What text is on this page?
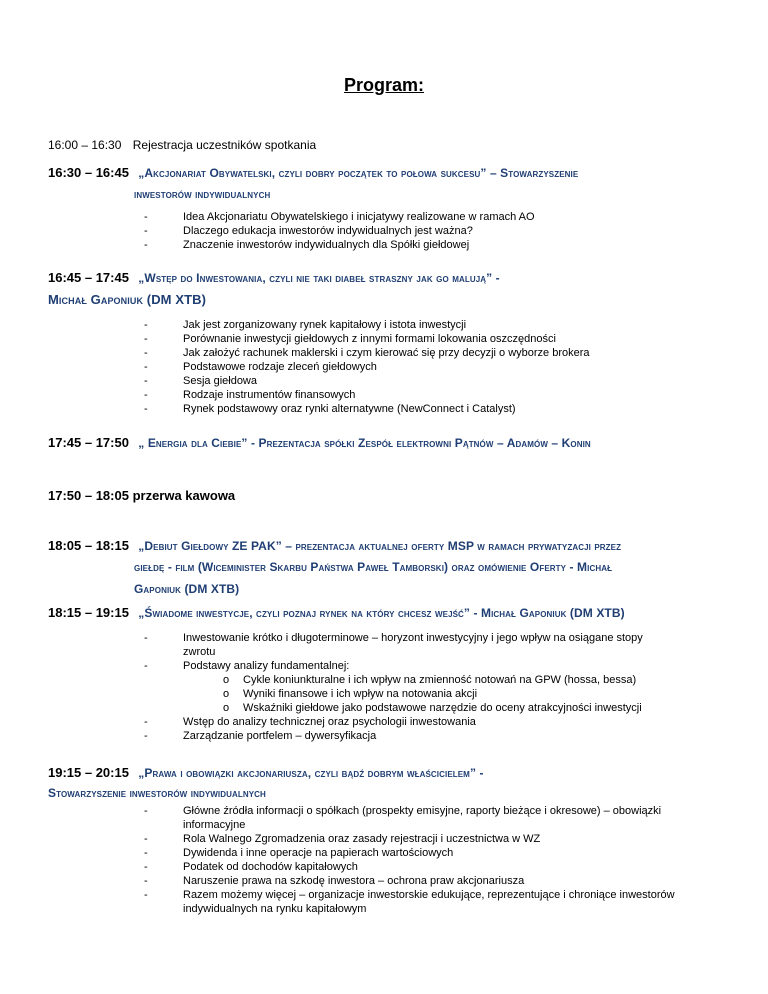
Program:
16:00 – 16:30 Rejestracja uczestników spotkania
16:30 – 16:45 „Akcjonariat Obywatelski, czyli dobry początek to połowa sukcesu” – Stowarzyszenie
inwestorów indywidualnych
-	Idea Akcjonariatu Obywatelskiego i inicjatywy realizowane w ramach AO
-	Dlaczego edukacja inwestorów indywidualnych jest ważna?
-	Znaczenie inwestorów indywidualnych dla Spółki giełdowej
16:45 – 17:45 „Wstęp do Inwestowania, czyli nie taki diabeł straszny jak go malują” -
Michał Gaponiuk (DM XTB)
-	Jak jest zorganizowany rynek kapitałowy i istota inwestycji
-	Porównanie inwestycji giełdowych z innymi formami lokowania oszczędności
-	Jak założyć rachunek maklerski i czym kierować się przy decyzji o wyborze brokera
-	Podstawowe rodzaje zleceń giełdowych
-	Sesja giełdowa
-	Rodzaje instrumentów finansowych
-	Rynek podstawowy oraz rynki alternatywne (NewConnect i Catalyst)
17:45 – 17:50 „ Energia dla Ciebie” - Prezentacja spółki Zespół elektrowni Pątnów – Adamów – Konin
17:50 – 18:05 przerwa kawowa
18:05 – 18:15 „Debiut Giełdowy ZE PAK” – prezentacja aktualnej oferty MSP w ramach prywatyzacji przez
giełdę - film (Wiceminister Skarbu Państwa Paweł Tamborski) oraz omówienie Oferty - Michał
Gaponiuk (DM XTB)
18:15 – 19:15 „Świadome inwestycje, czyli poznaj rynek na który chcesz wejść” - Michał Gaponiuk (DM XTB)
-	Inwestowanie krótko i długoterminowe – horyzont inwestycyjny i jego wpływ na osiągane stopy
zwrotu
-	Podstawy analizy fundamentalnej:
o Cykle koniunkturalne i ich wpływ na zmienność notowań na GPW (hossa, bessa)
o Wyniki finansowe i ich wpływ na notowania akcji
o Wskaźniki giełdowe jako podstawowe narzędzie do oceny atrakcyjności inwestycji
-	Wstęp do analizy technicznej oraz psychologii inwestowania
-	Zarządzanie portfelem – dywersyfikacja
19:15 – 20:15 „Prawa i obowiązki akcjonariusza, czyli bądź dobrym właścicielem” -
Stowarzyszenie inwestorów indywidualnych
-	Główne źródła informacji o spółkach (prospekty emisyjne, raporty bieżące i okresowe) – obowiązki
informacyjne
-	Rola Walnego Zgromadzenia oraz zasady rejestracji i uczestnictwa w WZ
-	Dywidenda i inne operacje na papierach wartościowych
-	Podatek od dochodów kapitałowych
-	Naruszenie prawa na szkodę inwestora – ochrona praw akcjonariusza
-	Razem możemy więcej – organizacje inwestorskie edukujące, reprezentujące i chroniące inwestorów
indywidualnych na rynku kapitałowym
